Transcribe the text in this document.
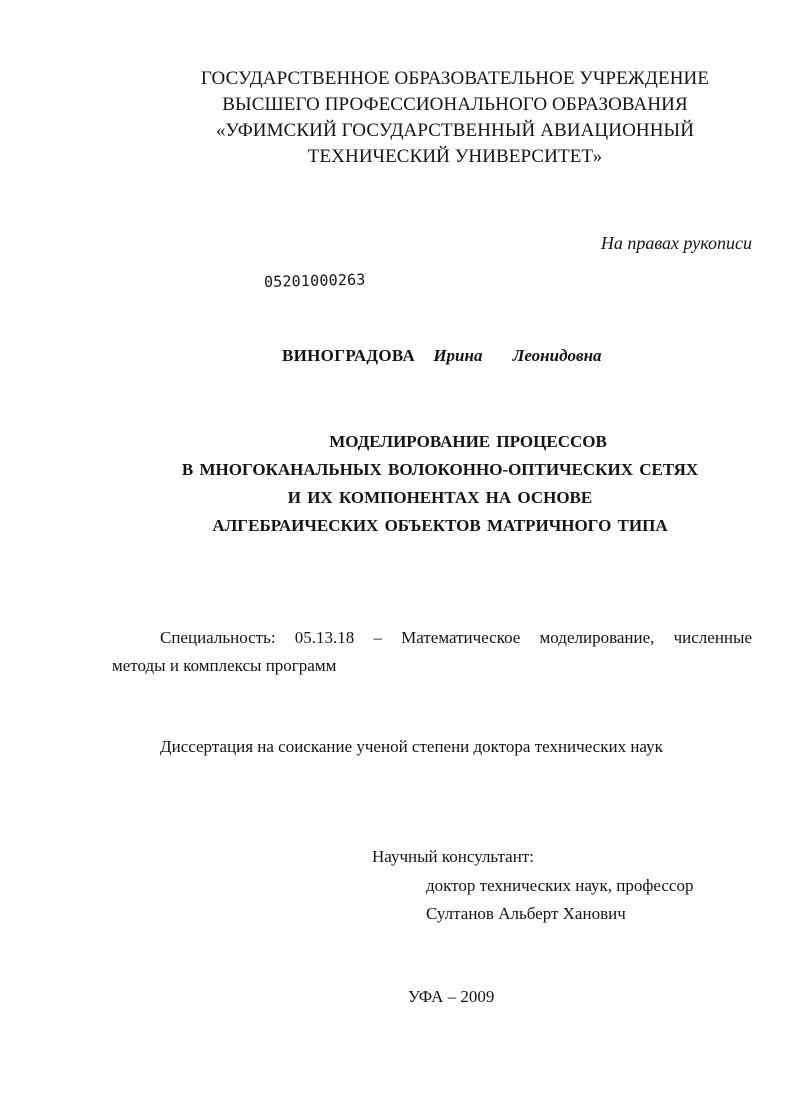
ГОСУДАРСТВЕННОЕ ОБРАЗОВАТЕЛЬНОЕ УЧРЕЖДЕНИЕ
ВЫСШЕГО ПРОФЕССИОНАЛЬНОГО ОБРАЗОВАНИЯ
«УФИМСКИЙ ГОСУДАРСТВЕННЫЙ АВИАЦИОННЫЙ
ТЕХНИЧЕСКИЙ УНИВЕРСИТЕТ»
На правах рукописи
05201000263
ВИНОГРАДОВА Ирина Леонидовна
МОДЕЛИРОВАНИЕ ПРОЦЕССОВ
В МНОГОКАНАЛЬНЫХ ВОЛОКОННО-ОПТИЧЕСКИХ СЕТЯХ
И ИХ КОМПОНЕНТАХ НА ОСНОВЕ
АЛГЕБРАИЧЕСКИХ ОБЪЕКТОВ МАТРИЧНОГО ТИПА
Специальность: 05.13.18 – Математическое моделирование, численные
методы и комплексы программ
Диссертация на соискание ученой степени доктора технических наук
Научный консультант:
доктор технических наук, профессор
Султанов Альберт Ханович
УФА – 2009
